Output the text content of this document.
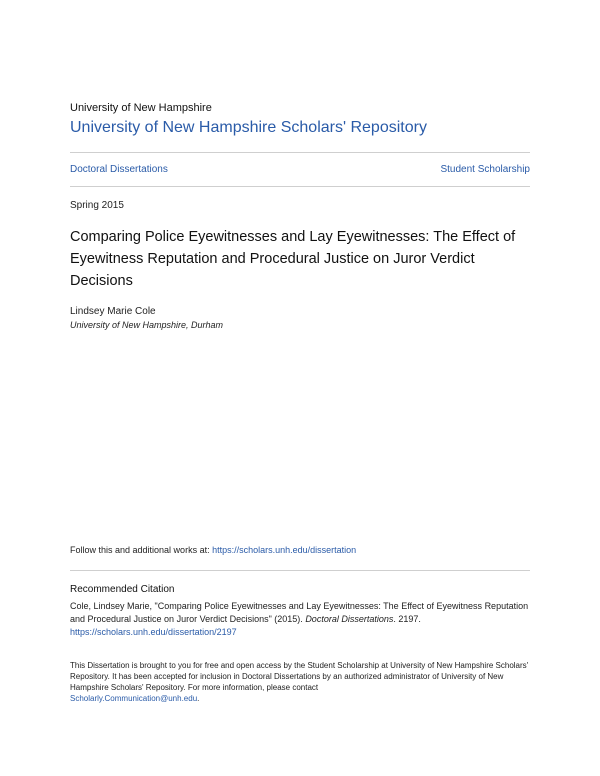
University of New Hampshire
University of New Hampshire Scholars' Repository
Doctoral Dissertations	Student Scholarship
Spring 2015
Comparing Police Eyewitnesses and Lay Eyewitnesses: The Effect of Eyewitness Reputation and Procedural Justice on Juror Verdict Decisions
Lindsey Marie Cole
University of New Hampshire, Durham
Follow this and additional works at: https://scholars.unh.edu/dissertation
Recommended Citation
Cole, Lindsey Marie, "Comparing Police Eyewitnesses and Lay Eyewitnesses: The Effect of Eyewitness Reputation and Procedural Justice on Juror Verdict Decisions" (2015). Doctoral Dissertations. 2197.
https://scholars.unh.edu/dissertation/2197
This Dissertation is brought to you for free and open access by the Student Scholarship at University of New Hampshire Scholars' Repository. It has been accepted for inclusion in Doctoral Dissertations by an authorized administrator of University of New Hampshire Scholars' Repository. For more information, please contact
Scholarly.Communication@unh.edu.
